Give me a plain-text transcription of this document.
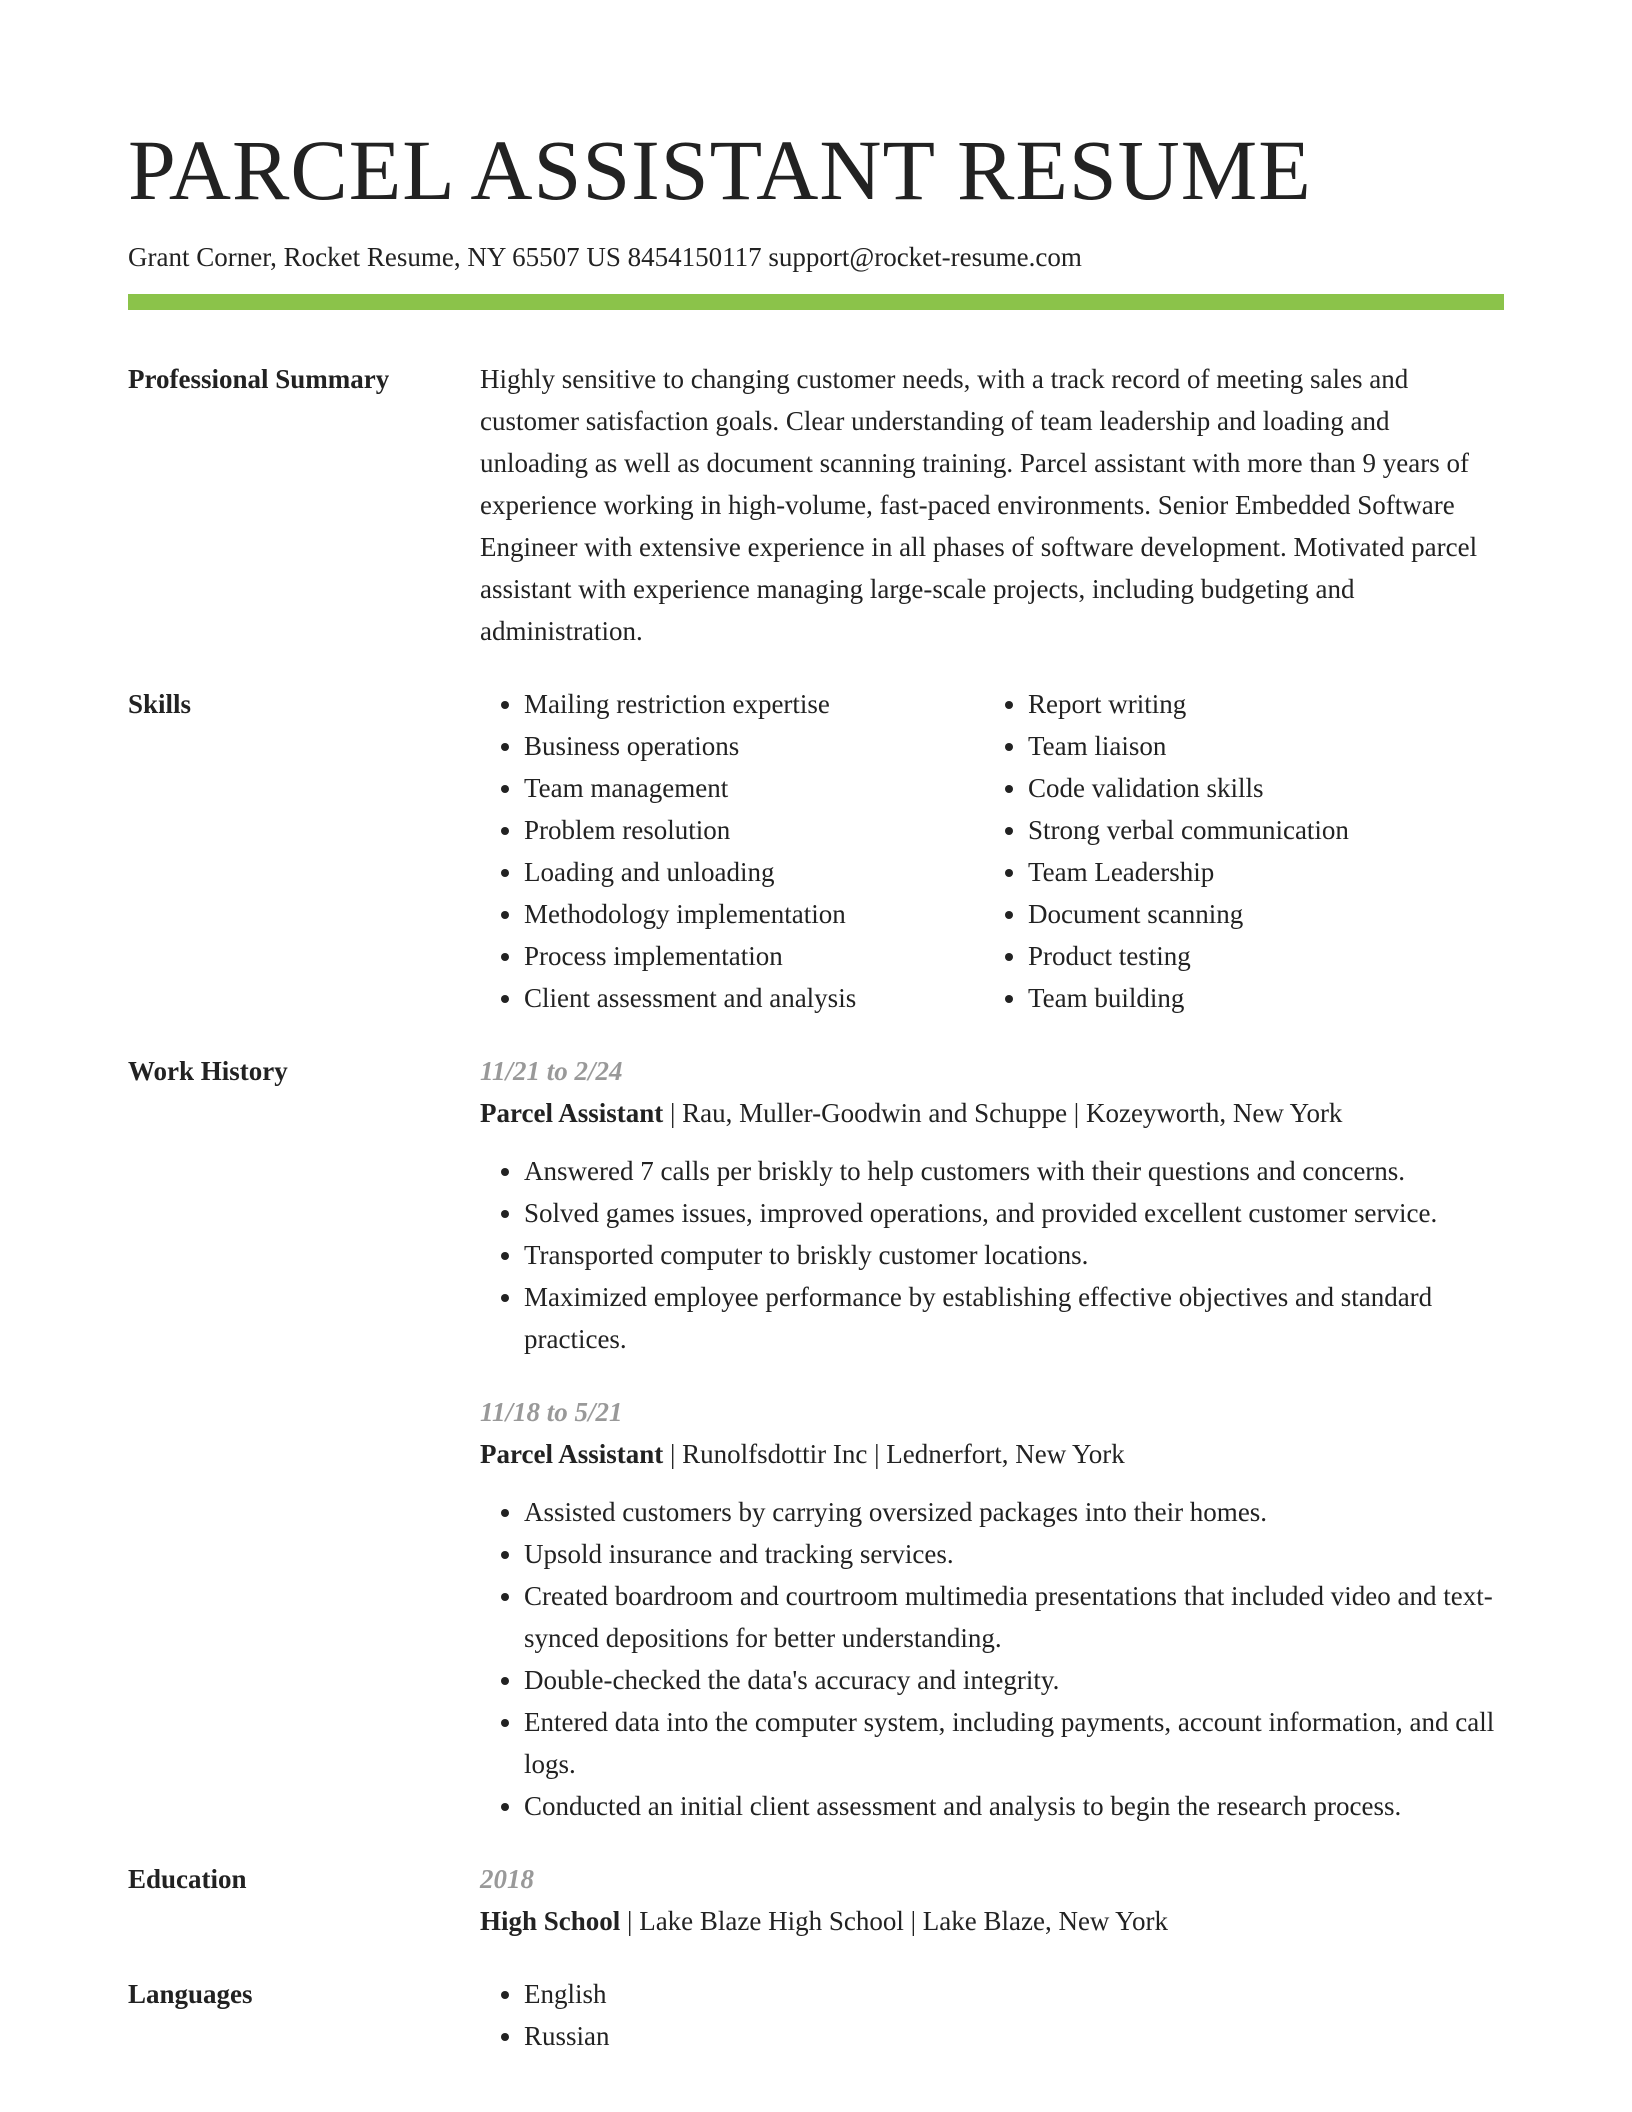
PARCEL ASSISTANT RESUME
Grant Corner, Rocket Resume, NY 65507 US 8454150117 support@rocket-resume.com
Professional Summary	Highly sensitive to changing customer needs, with a track record of meeting sales and customer satisfaction goals. Clear understanding of team leadership and loading and unloading as well as document scanning training. Parcel assistant with more than 9 years of experience working in high-volume, fast-paced environments. Senior Embedded Software Engineer with extensive experience in all phases of software development. Motivated parcel assistant with experience managing large-scale projects, including budgeting and administration.

Skills	• Mailing restriction expertise
• Business operations
• Team management
• Problem resolution
• Loading and unloading
• Methodology implementation
• Process implementation
• Client assessment and analysis
• Report writing
• Team liaison
• Code validation skills
• Strong verbal communication
• Team Leadership
• Document scanning
• Product testing
• Team building
Work History	11/21 to 2/24
Parcel Assistant | Rau, Muller-Goodwin and Schuppe | Kozeyworth, New York
• Answered 7 calls per briskly to help customers with their questions and concerns.
• Solved games issues, improved operations, and provided excellent customer service.
• Transported computer to briskly customer locations.
• Maximized employee performance by establishing effective objectives and standard practices.
11/18 to 5/21
Parcel Assistant | Runolfsdottir Inc | Lednerfort, New York
• Assisted customers by carrying oversized packages into their homes.
• Upsold insurance and tracking services.
• Created boardroom and courtroom multimedia presentations that included video and text-synced depositions for better understanding.
• Double-checked the data's accuracy and integrity.
• Entered data into the computer system, including payments, account information, and call logs.
• Conducted an initial client assessment and analysis to begin the research process.
Education	2018
High School | Lake Blaze High School | Lake Blaze, New York
Languages	• English
• Russian
